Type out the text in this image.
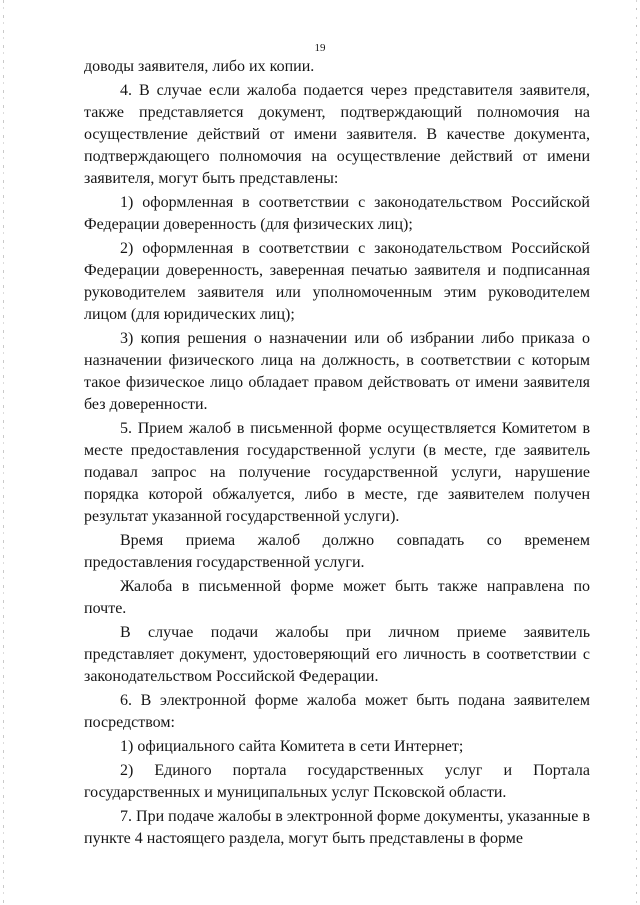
19

доводы заявителя, либо их копии.

4. В случае если жалоба подается через представителя заявителя, также представляется документ, подтверждающий полномочия на осуществление действий от имени заявителя. В качестве документа, подтверждающего полномочия на осуществление действий от имени заявителя, могут быть представлены:

1) оформленная в соответствии с законодательством Российской Федерации доверенность (для физических лиц);

2) оформленная в соответствии с законодательством Российской Федерации доверенность, заверенная печатью заявителя и подписанная руководителем заявителя или уполномоченным этим руководителем лицом (для юридических лиц);

3) копия решения о назначении или об избрании либо приказа о назначении физического лица на должность, в соответствии с которым такое физическое лицо обладает правом действовать от имени заявителя без доверенности.

5. Прием жалоб в письменной форме осуществляется Комитетом в месте предоставления государственной услуги (в месте, где заявитель подавал запрос на получение государственной услуги, нарушение порядка которой обжалуется, либо в месте, где заявителем получен результат указанной государственной услуги).

Время приема жалоб должно совпадать со временем предоставления государственной услуги.

Жалоба в письменной форме может быть также направлена по почте.

В случае подачи жалобы при личном приеме заявитель представляет документ, удостоверяющий его личность в соответствии с законодательством Российской Федерации.

6. В электронной форме жалоба может быть подана заявителем посредством:

1) официального сайта Комитета в сети Интернет;

2) Единого портала государственных услуг и Портала государственных и муниципальных услуг Псковской области.

7. При подаче жалобы в электронной форме документы, указанные в пункте 4 настоящего раздела, могут быть представлены в форме
